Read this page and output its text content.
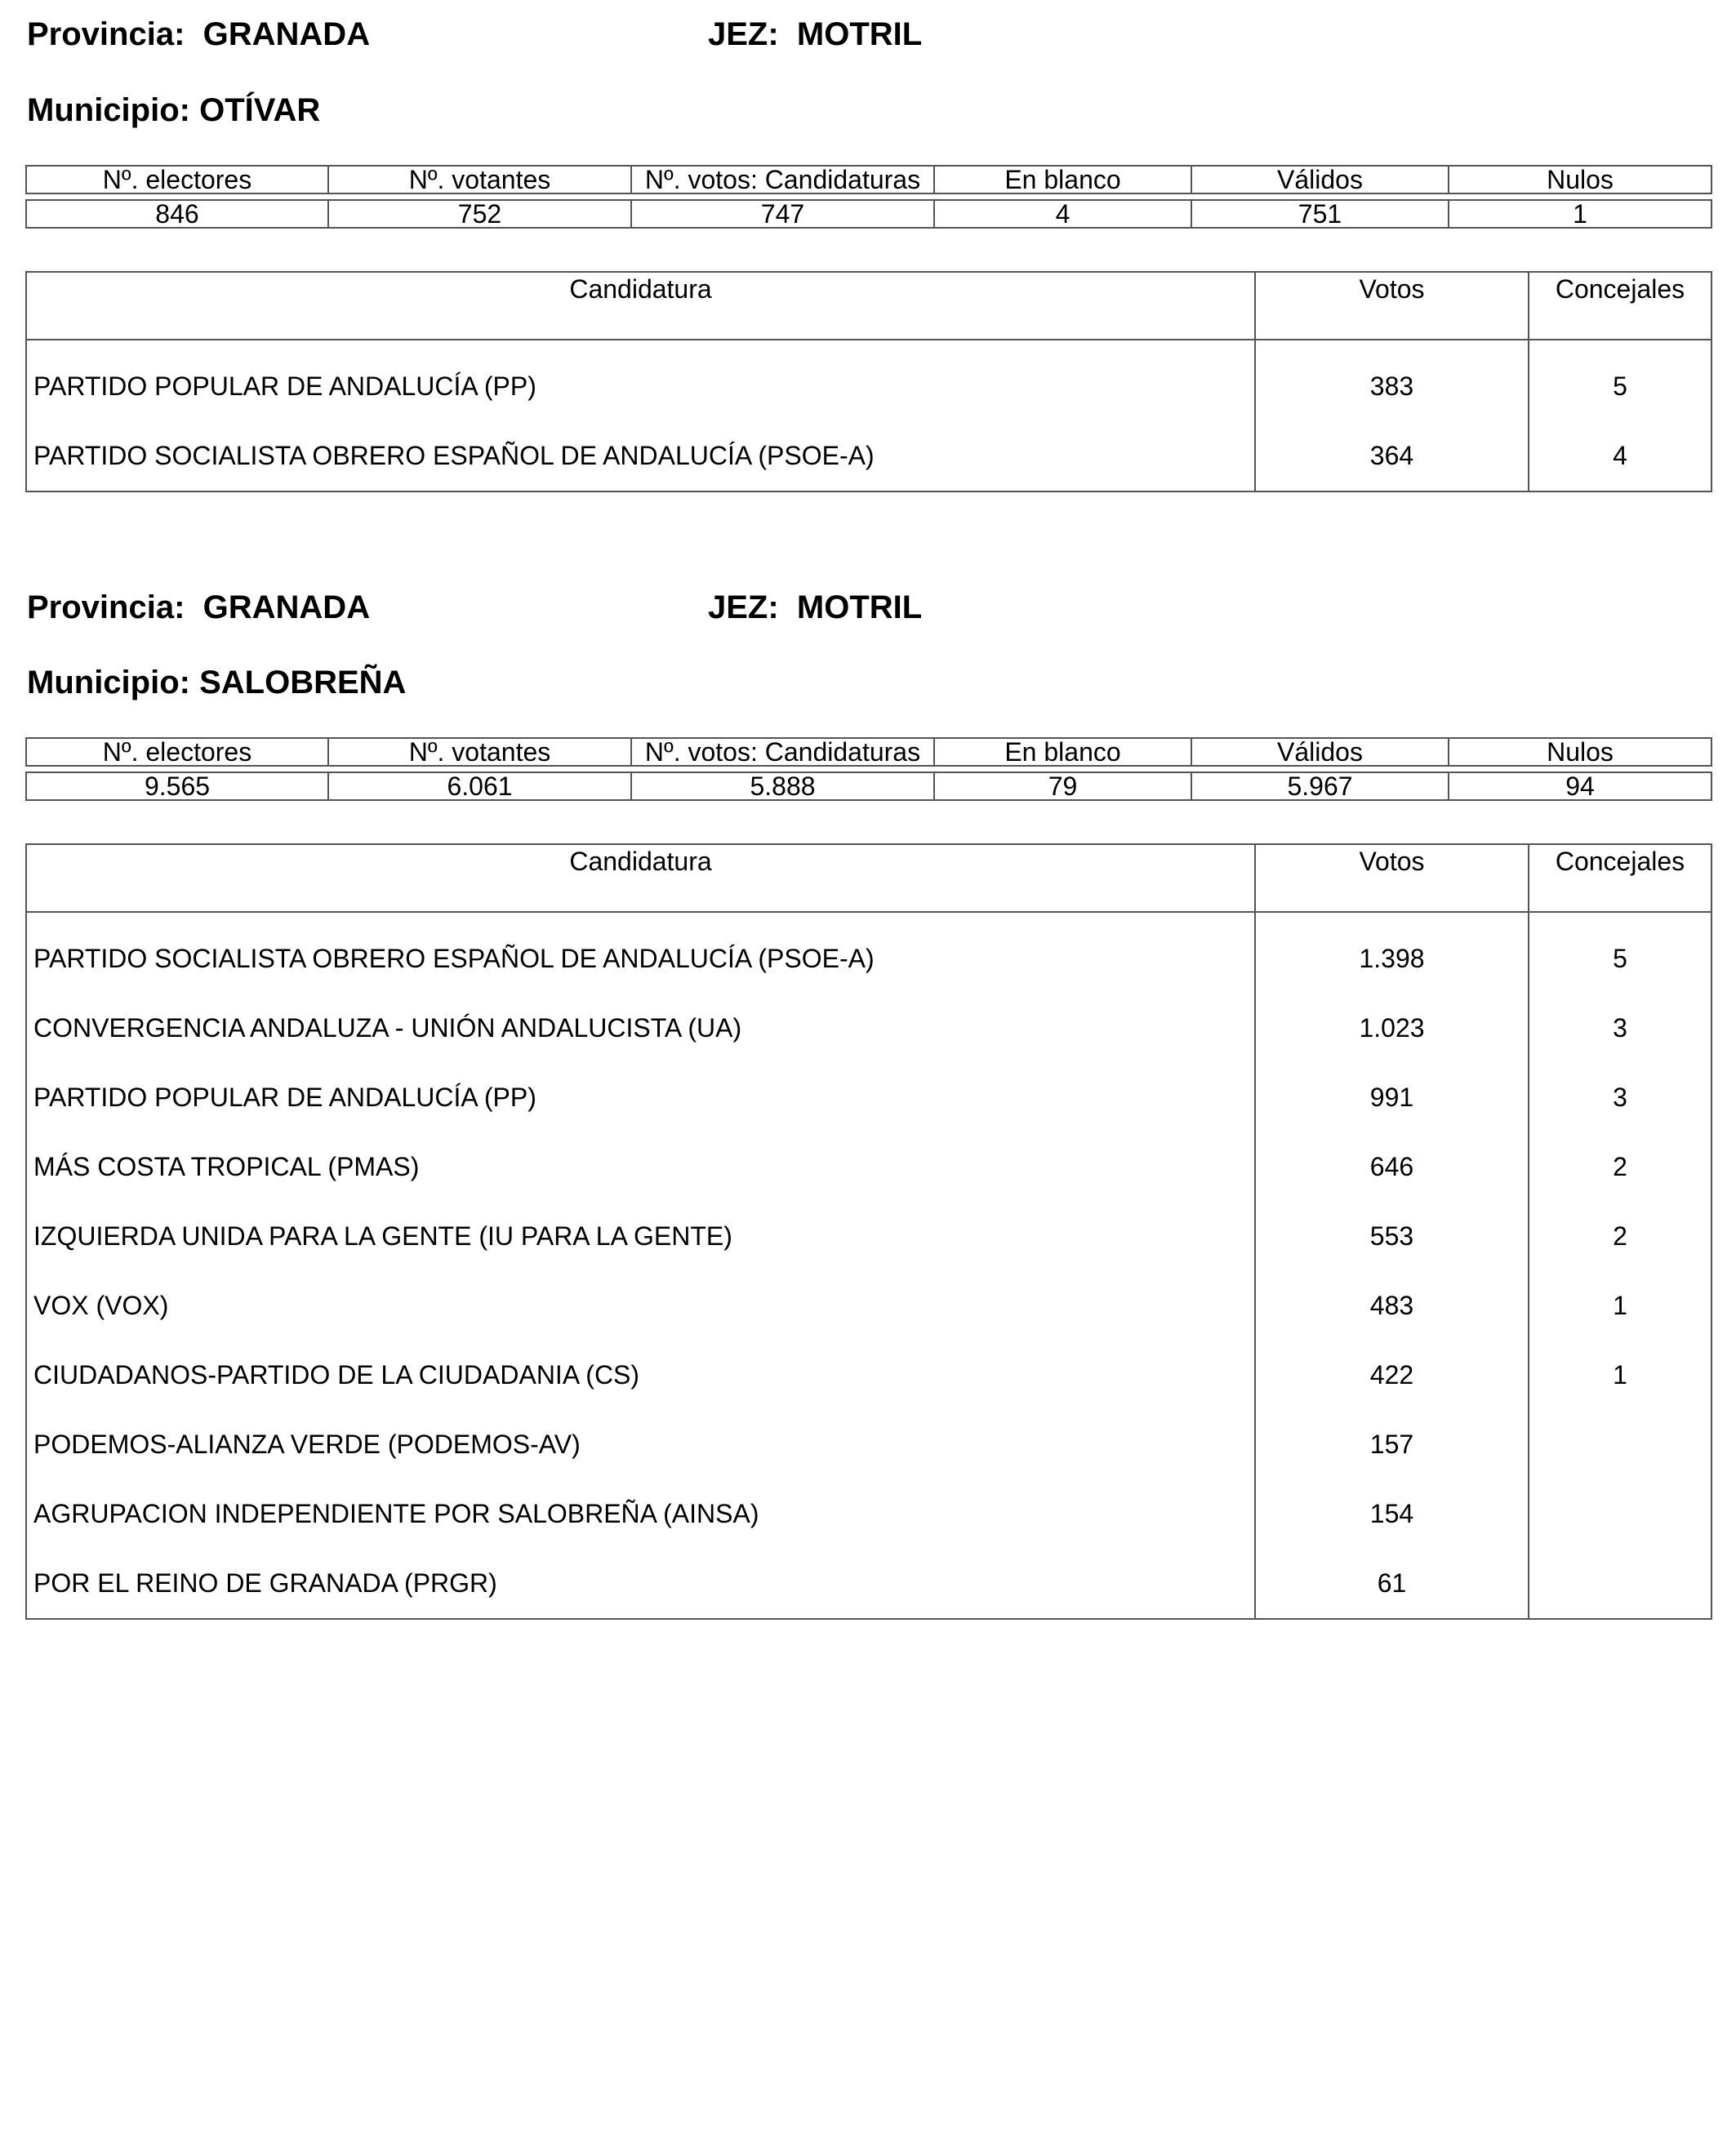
Provincia: GRANADA	JEZ: MOTRIL
Municipio: OTÍVAR
Nº. electores	Nº. votantes	Nº. votos: Candidaturas	En blanco	Válidos	Nulos

846	752	747	4	751	1
Candidatura	Votos	Concejales
PARTIDO POPULAR DE ANDALUCÍA (PP)	383	5
PARTIDO SOCIALISTA OBRERO ESPAÑOL DE ANDALUCÍA (PSOE-A)	364	4
Provincia: GRANADA	JEZ: MOTRIL
Municipio: SALOBREÑA
Nº. electores	Nº. votantes	Nº. votos: Candidaturas	En blanco	Válidos	Nulos

9.565	6.061	5.888	79	5.967	94
Candidatura	Votos	Concejales
PARTIDO SOCIALISTA OBRERO ESPAÑOL DE ANDALUCÍA (PSOE-A)	1.398	5
CONVERGENCIA ANDALUZA - UNIÓN ANDALUCISTA (UA)	1.023	3
PARTIDO POPULAR DE ANDALUCÍA (PP)	991	3
MÁS COSTA TROPICAL (PMAS)	646	2
IZQUIERDA UNIDA PARA LA GENTE (IU PARA LA GENTE)	553	2
VOX (VOX)	483	1
CIUDADANOS-PARTIDO DE LA CIUDADANIA (CS)	422	1
PODEMOS-ALIANZA VERDE (PODEMOS-AV)	157	
AGRUPACION INDEPENDIENTE POR SALOBREÑA (AINSA)	154	
POR EL REINO DE GRANADA (PRGR)	61	
